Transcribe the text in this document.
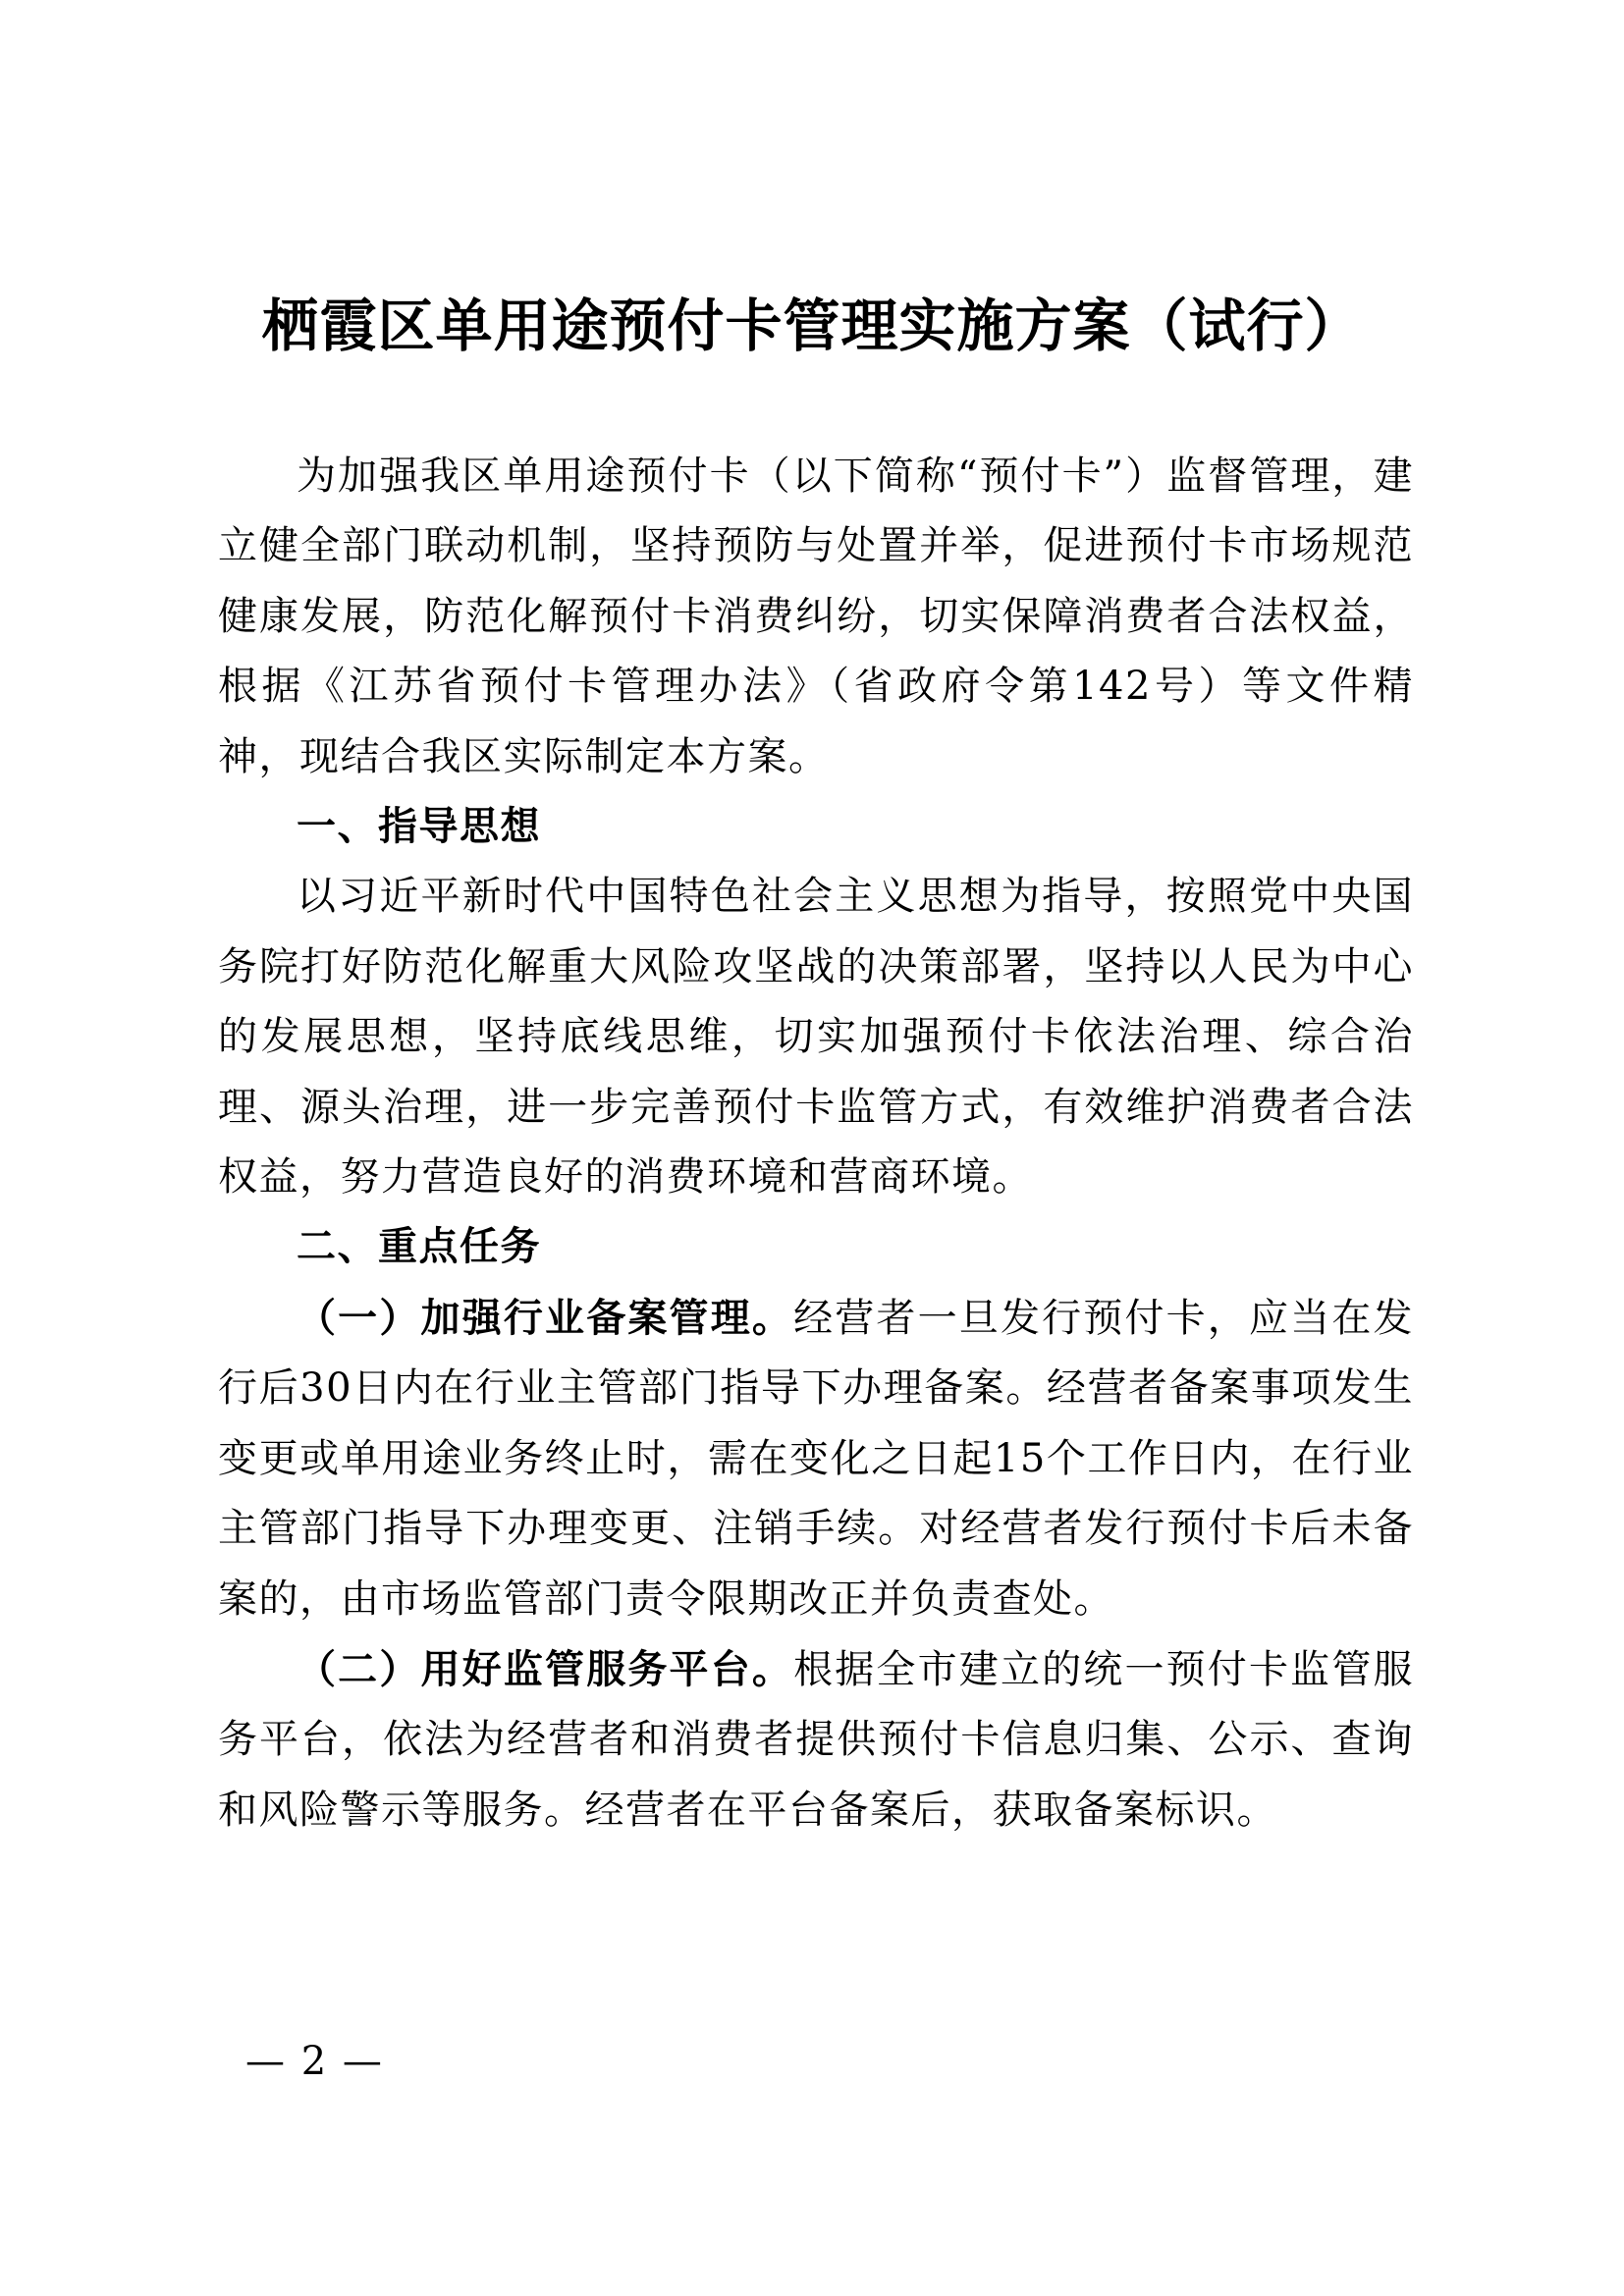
栖霞区单用途预付卡管理实施方案（试行）

为加强我区单用途预付卡（以下简称“预付卡”）监督管理，建立健全部门联动机制，坚持预防与处置并举，促进预付卡市场规范健康发展，防范化解预付卡消费纠纷，切实保障消费者合法权益，根据《江苏省预付卡管理办法》（省政府令第142号）等文件精神，现结合我区实际制定本方案。

一、指导思想

以习近平新时代中国特色社会主义思想为指导，按照党中央国务院打好防范化解重大风险攻坚战的决策部署，坚持以人民为中心的发展思想，坚持底线思维，切实加强预付卡依法治理、综合治理、源头治理，进一步完善预付卡监管方式，有效维护消费者合法权益，努力营造良好的消费环境和营商环境。

二、重点任务

（一）加强行业备案管理。经营者一旦发行预付卡，应当在发行后30日内在行业主管部门指导下办理备案。经营者备案事项发生变更或单用途业务终止时，需在变化之日起15个工作日内，在行业主管部门指导下办理变更、注销手续。对经营者发行预付卡后未备案的，由市场监管部门责令限期改正并负责查处。

（二）用好监管服务平台。根据全市建立的统一预付卡监管服务平台，依法为经营者和消费者提供预付卡信息归集、公示、查询和风险警示等服务。经营者在平台备案后，获取备案标识。

— 2 —
